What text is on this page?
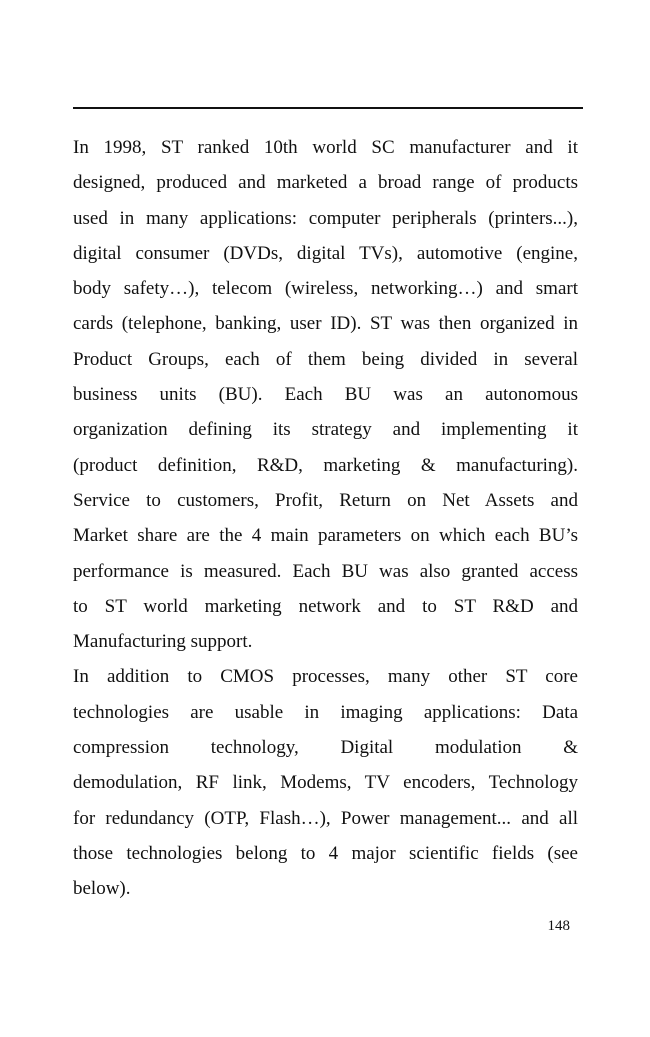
In 1998, ST ranked 10th world SC manufacturer and it
designed, produced and marketed a broad range of products
used in many applications: computer peripherals (printers...),
digital consumer (DVDs, digital TVs), automotive (engine,
body safety…), telecom (wireless, networking…) and smart
cards (telephone, banking, user ID). ST was then organized in
Product Groups, each of them being divided in several
business units (BU). Each BU was an autonomous
organization defining its strategy and implementing it
(product definition, R&D, marketing & manufacturing).
Service to customers, Profit, Return on Net Assets and
Market share are the 4 main parameters on which each BU’s
performance is measured. Each BU was also granted access
to ST world marketing network and to ST R&D and
Manufacturing support.
In addition to CMOS processes, many other ST core
technologies are usable in imaging applications: Data
compression technology, Digital modulation &
demodulation, RF link, Modems, TV encoders, Technology
for redundancy (OTP, Flash…), Power management... and all
those technologies belong to 4 major scientific fields (see
below).
148
